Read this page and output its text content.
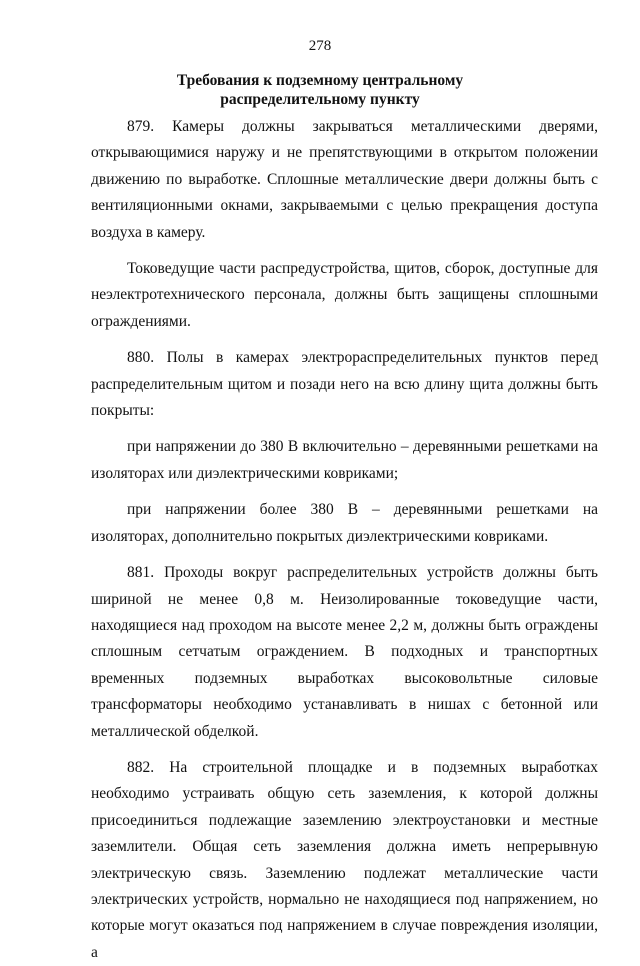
278
Требования к подземному центральному
распределительному пункту

879. Камеры должны закрываться металлическими дверями, открывающимися наружу и не препятствующими в открытом положении движению по выработке. Сплошные металлические двери должны быть с вентиляционными окнами, закрываемыми с целью прекращения доступа воздуха в камеру.

Токоведущие части распредустройства, щитов, сборок, доступные для неэлектротехнического персонала, должны быть защищены сплошными ограждениями.

880. Полы в камерах электрораспределительных пунктов перед распределительным щитом и позади него на всю длину щита должны быть покрыты:

при напряжении до 380 В включительно – деревянными решетками на изоляторах или диэлектрическими ковриками;

при напряжении более 380 В – деревянными решетками на изоляторах, дополнительно покрытых диэлектрическими ковриками.

881. Проходы вокруг распределительных устройств должны быть шириной не менее 0,8 м. Неизолированные токоведущие части, находящиеся над проходом на высоте менее 2,2 м, должны быть ограждены сплошным сетчатым ограждением. В подходных и транспортных временных подземных выработках высоковольтные силовые трансформаторы необходимо устанавливать в нишах с бетонной или металлической обделкой.

882. На строительной площадке и в подземных выработках необходимо устраивать общую сеть заземления, к которой должны присоединиться подлежащие заземлению электроустановки и местные заземлители. Общая сеть заземления должна иметь непрерывную электрическую связь. Заземлению подлежат металлические части электрических устройств, нормально не находящиеся под напряжением, но которые могут оказаться под напряжением в случае повреждения изоляции, а
